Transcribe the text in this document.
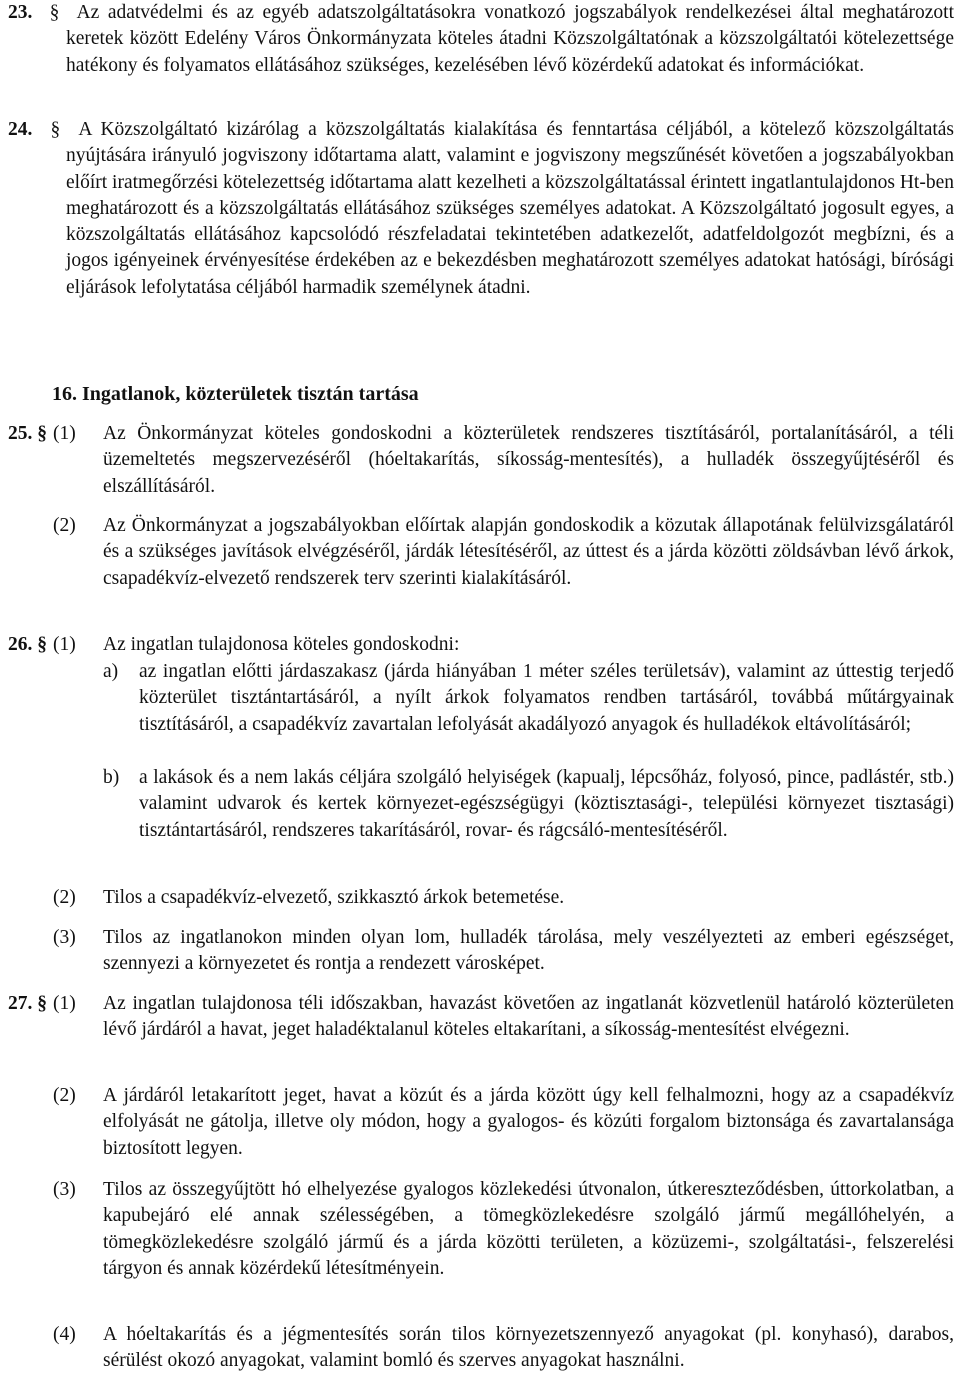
23.  §  Az adatvédelmi és az egyéb adatszolgáltatásokra vonatkozó jogszabályok rendelkezései által meghatározott keretek között Edelény Város Önkormányzata köteles átadni Közszolgáltatónak a közszolgáltatói kötelezettsége hatékony és folyamatos ellátásához szükséges, kezelésében lévő közérdekű adatokat és információkat.

24.  §  A Közszolgáltató kizárólag a közszolgáltatás kialakítása és fenntartása céljából, a kötelező közszolgáltatás nyújtására irányuló jogviszony időtartama alatt, valamint e jogviszony megszűnését követően a jogszabályokban előírt iratmegőrzési kötelezettség időtartama alatt kezelheti a közszolgáltatással érintett ingatlantulajdonos Ht-ben meghatározott és a közszolgáltatás ellátásához szükséges személyes adatokat. A Közszolgáltató jogosult egyes, a közszolgáltatás ellátásához kapcsolódó részfeladatai tekintetében adatkezelőt, adatfeldolgozót megbízni, és a jogos igényeinek érvényesítése érdekében az e bekezdésben meghatározott személyes adatokat hatósági, bírósági eljárások lefolytatása céljából harmadik személynek átadni.

16. Ingatlanok, közterületek tisztán tartása
25. § (1) Az Önkormányzat köteles gondoskodni a közterületek rendszeres tisztításáról, portalanításáról, a téli üzemeltetés megszervezéséről (hóeltakarítás, síkosság-mentesítés), a hulladék összegyűjtéséről és elszállításáról.

(2) Az Önkormányzat a jogszabályokban előírtak alapján gondoskodik a közutak állapotának felülvizsgálatáról és a szükséges javítások elvégzéséről, járdák létesítéséről, az úttest és a járda közötti zöldsávban lévő árkok, csapadékvíz-elvezető rendszerek terv szerinti kialakításáról.

26. § (1) Az ingatlan tulajdonosa köteles gondoskodni:

a) az ingatlan előtti járdaszakasz (járda hiányában 1 méter széles területsáv), valamint az úttestig terjedő közterület tisztántartásáról, a nyílt árkok folyamatos rendben tartásáról, továbbá műtárgyainak tisztításáról, a csapadékvíz zavartalan lefolyását akadályozó anyagok és hulladékok eltávolításáról;

b) a lakások és a nem lakás céljára szolgáló helyiségek (kapualj, lépcsőház, folyosó, pince, padlástér, stb.) valamint udvarok és kertek környezet-egészségügyi (köztisztasági-, települési környezet tisztasági) tisztántartásáról, rendszeres takarításáról, rovar- és rágcsáló-mentesítéséről.

(2) Tilos a csapadékvíz-elvezető, szikkasztó árkok betemetése.

(3) Tilos az ingatlanokon minden olyan lom, hulladék tárolása, mely veszélyezteti az emberi egészséget, szennyezi a környezetet és rontja a rendezett városképet.

27. § (1) Az ingatlan tulajdonosa téli időszakban, havazást követően az ingatlanát közvetlenül határoló közterületen lévő járdáról a havat, jeget haladéktalanul köteles eltakarítani, a síkosság-mentesítést elvégezni.

(2) A járdáról letakarított jeget, havat a közút és a járda között úgy kell felhalmozni, hogy az a csapadékvíz elfolyását ne gátolja, illetve oly módon, hogy a gyalogos- és közúti forgalom biztonsága és zavartalansága biztosított legyen.

(3) Tilos az összegyűjtött hó elhelyezése gyalogos közlekedési útvonalon, útkereszteződésben, úttorkolatban, a kapubejáró elé annak szélességében, a tömegközlekedésre szolgáló jármű megállóhelyén, a tömegközlekedésre szolgáló jármű és a járda közötti területen, a közüzemi-, szolgáltatási-, felszerelési tárgyon és annak közérdekű létesítményein.

(4) A hóeltakarítás és a jégmentesítés során tilos környezetszennyező anyagokat (pl. konyhasó), darabos, sérülést okozó anyagokat, valamint bomló és szerves anyagokat használni.
